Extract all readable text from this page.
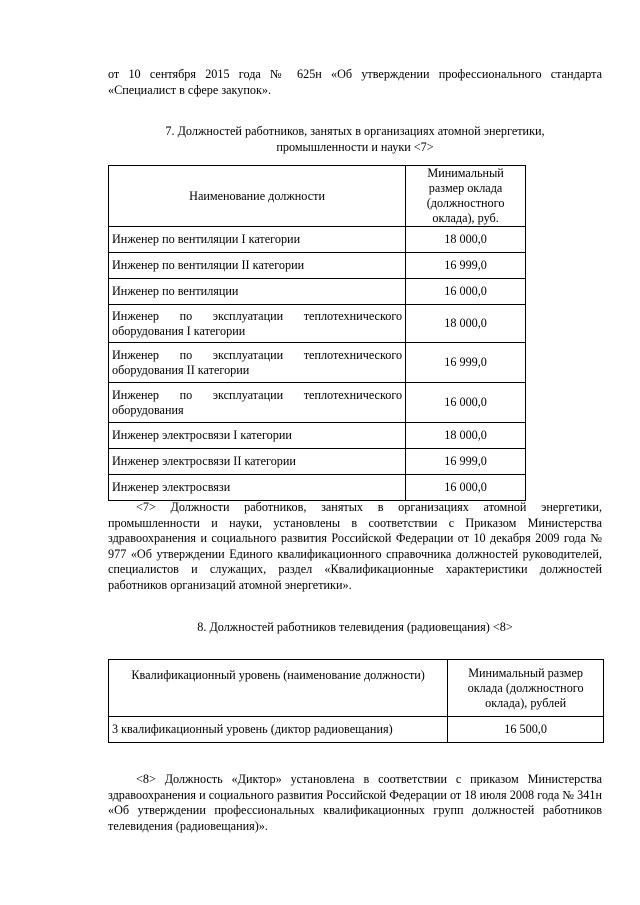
от 10 сентября 2015 года № 625н «Об утверждении профессионального стандарта

«Специалист в сфере закупок».

7. Должностей работников, занятых в организациях атомной энергетики,

промышленности и науки <7>

Наименование должности	Минимальный размер оклада
(должностного оклада), руб.
Инженер по вентиляции I категории	18 000,0
Инженер по вентиляции II категории	16 999,0
Инженер по вентиляции	16 000,0
Инженер по эксплуатации теплотехнического оборудования I категории	18 000,0
Инженер по эксплуатации теплотехнического оборудования II категории	16 999,0
Инженер по эксплуатации теплотехнического оборудования	16 000,0
Инженер электросвязи I категории	18 000,0
Инженер электросвязи II категории	16 999,0
Инженер электросвязи	16 000,0

<7> Должности работников, занятых в организациях атомной энергетики, промышленности и науки, установлены в соответствии с Приказом Министерства здравоохранения и социального развития Российской Федерации от 10 декабря 2009 года № 977 «Об утверждении Единого квалификационного справочника должностей руководителей, специалистов и служащих, раздел «Квалификационные характеристики должностей работников организаций атомной энергетики».

8. Должностей работников телевидения (радиовещания) <8>

Квалификационный уровень (наименование должности)	Минимальный размер
оклада (должностного
оклада), рублей
3 квалификационный уровень (диктор радиовещания)	16 500,0

<8> Должность «Диктор» установлена в соответствии с приказом Министерства здравоохранения и социального развития Российской Федерации от 18 июля 2008 года № 341н «Об утверждении профессиональных квалификационных групп должностей работников телевидения (радиовещания)».
